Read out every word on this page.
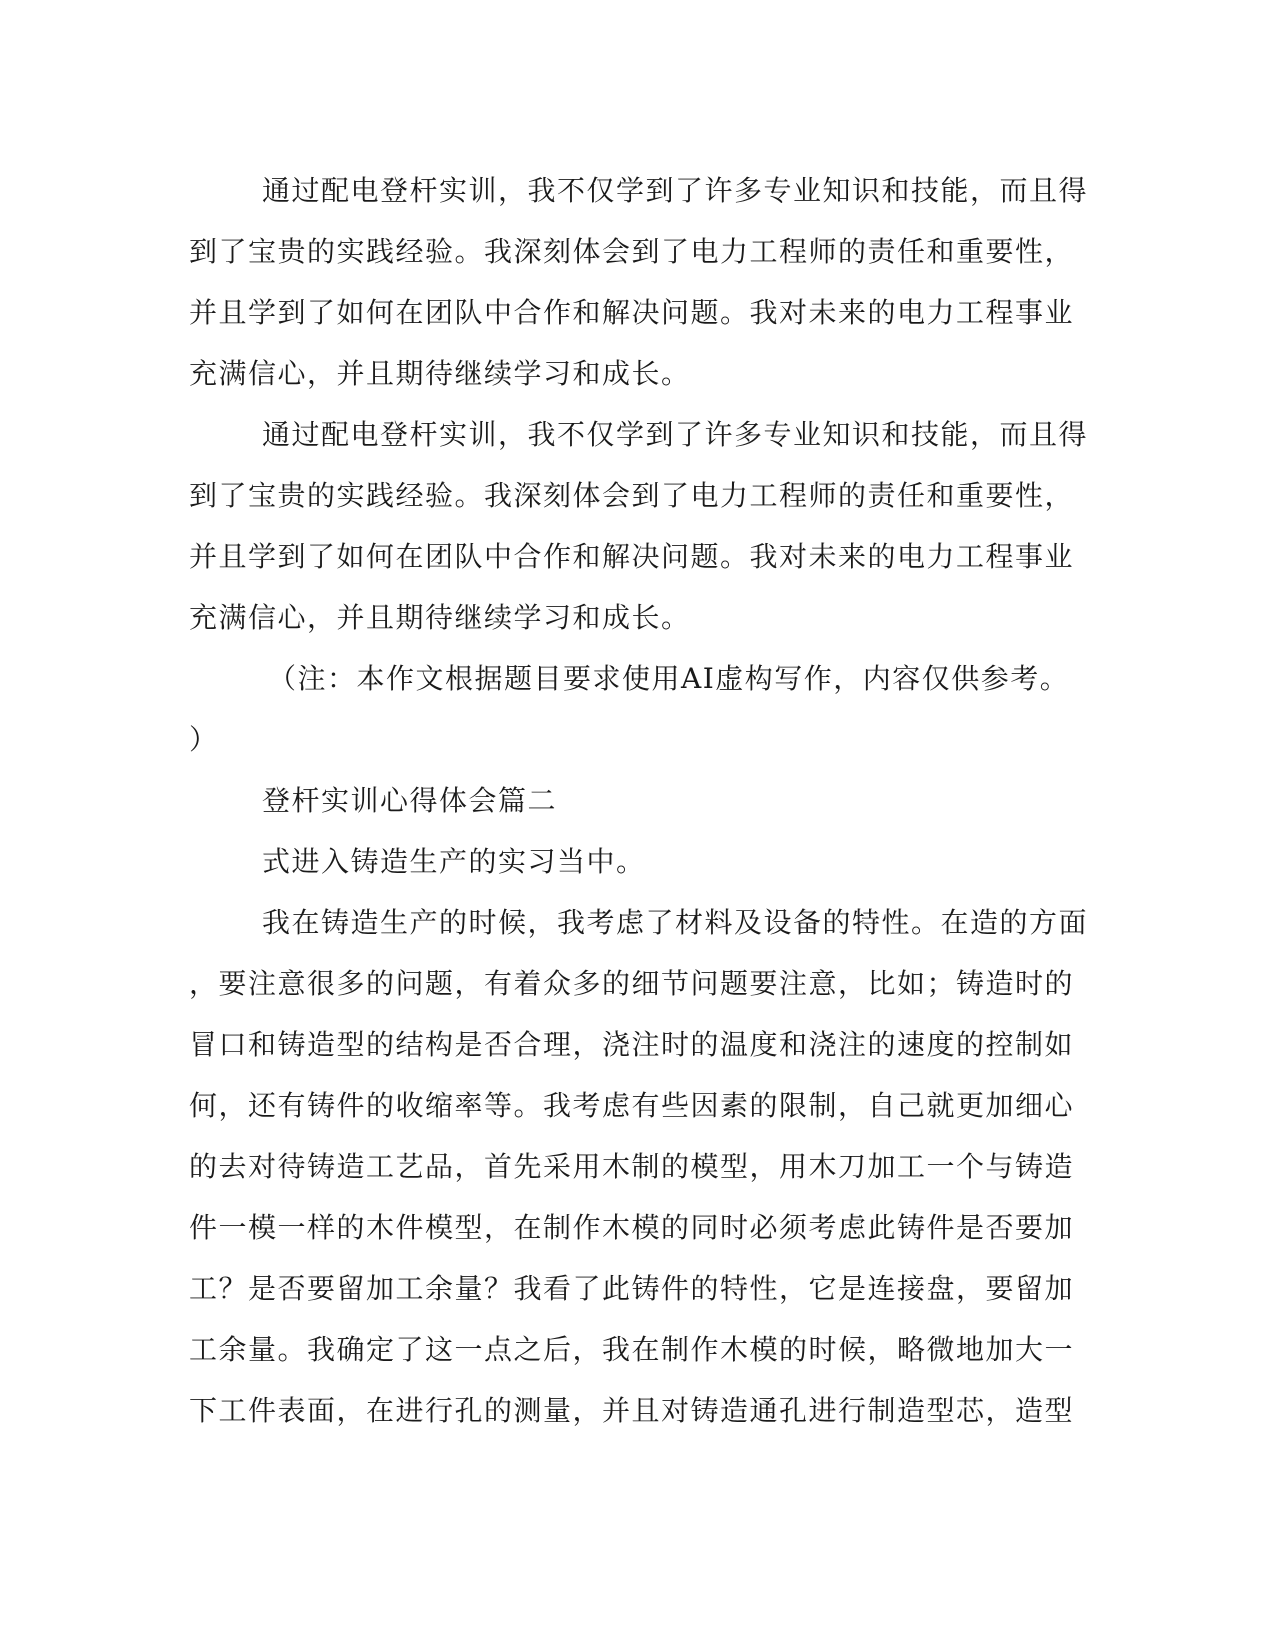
通过配电登杆实训，我不仅学到了许多专业知识和技能，而且得
到了宝贵的实践经验。我深刻体会到了电力工程师的责任和重要性，
并且学到了如何在团队中合作和解决问题。我对未来的电力工程事业
充满信心，并且期待继续学习和成长。
通过配电登杆实训，我不仅学到了许多专业知识和技能，而且得
到了宝贵的实践经验。我深刻体会到了电力工程师的责任和重要性，
并且学到了如何在团队中合作和解决问题。我对未来的电力工程事业
充满信心，并且期待继续学习和成长。
（注：本作文根据题目要求使用AI虚构写作，内容仅供参考。
）
登杆实训心得体会篇二
式进入铸造生产的实习当中。
我在铸造生产的时候，我考虑了材料及设备的特性。在造的方面
，要注意很多的问题，有着众多的细节问题要注意，比如；铸造时的
冒口和铸造型的结构是否合理，浇注时的温度和浇注的速度的控制如
何，还有铸件的收缩率等。我考虑有些因素的限制，自己就更加细心
的去对待铸造工艺品，首先采用木制的模型，用木刀加工一个与铸造
件一模一样的木件模型，在制作木模的同时必须考虑此铸件是否要加
工？是否要留加工余量？我看了此铸件的特性，它是连接盘，要留加
工余量。我确定了这一点之后，我在制作木模的时候，略微地加大一
下工件表面，在进行孔的测量，并且对铸造通孔进行制造型芯，造型
